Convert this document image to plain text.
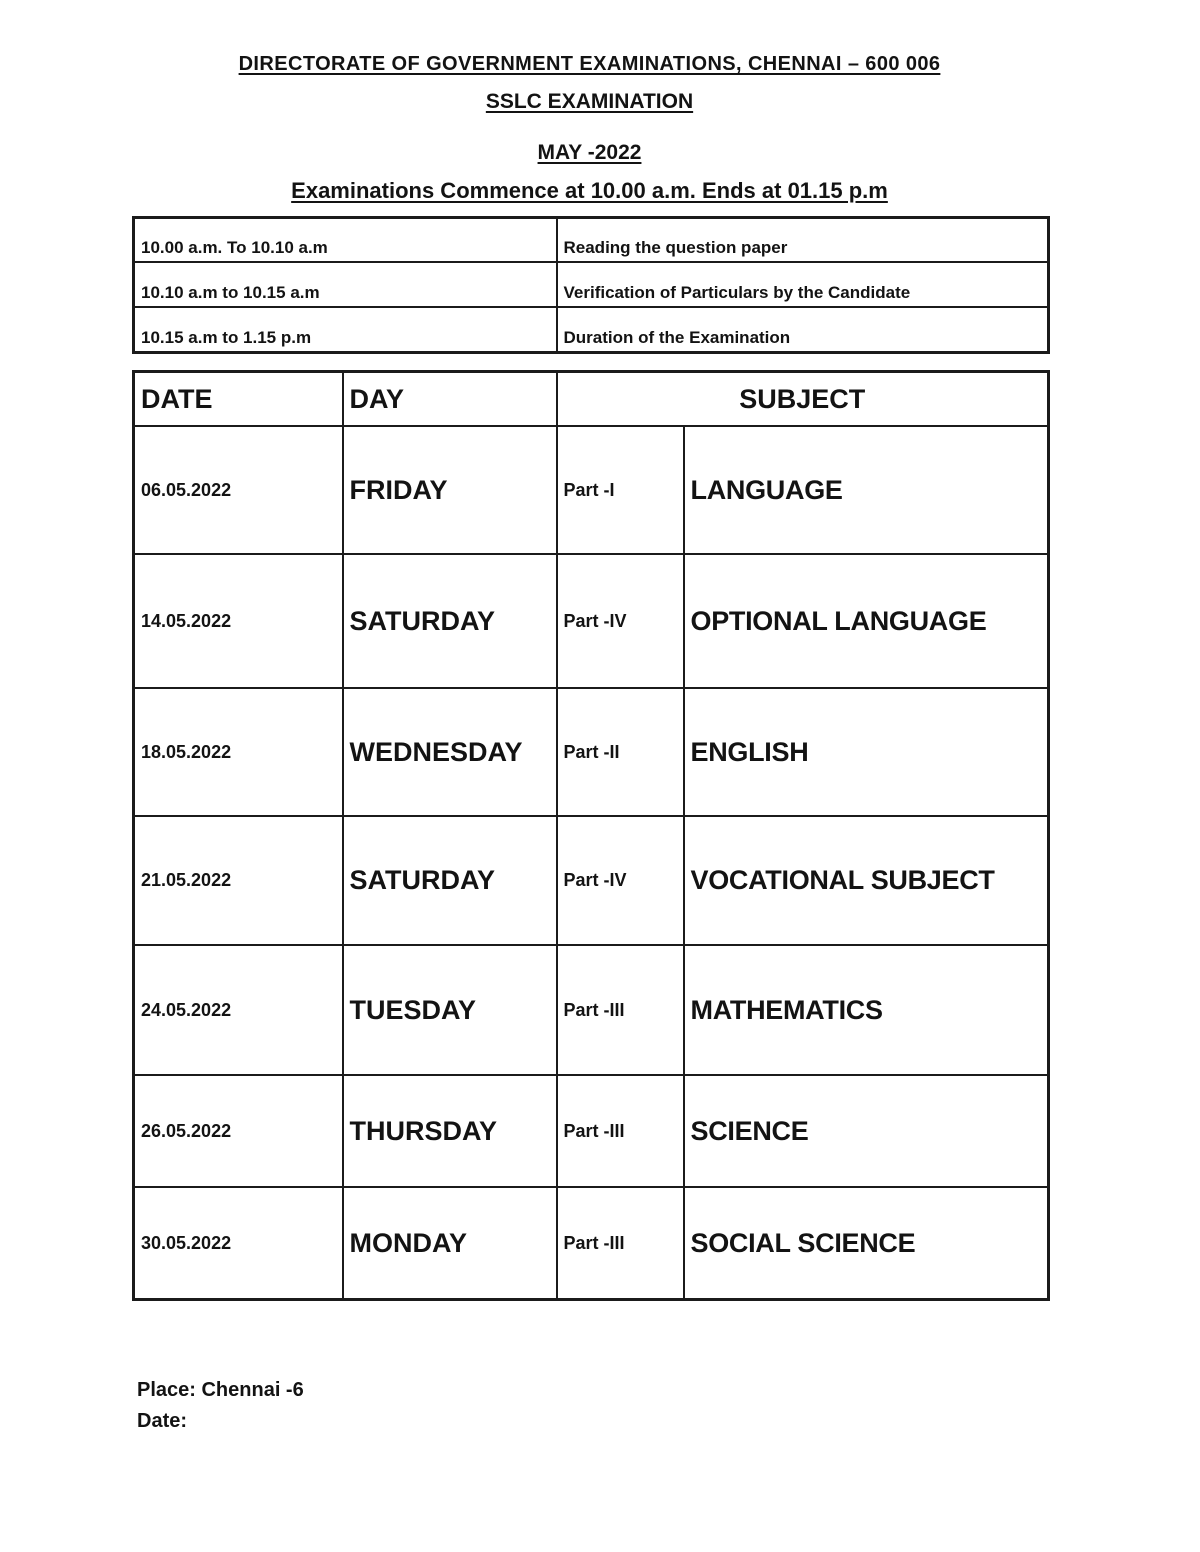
DIRECTORATE OF GOVERNMENT EXAMINATIONS, CHENNAI – 600 006
SSLC EXAMINATION
MAY -2022
Examinations Commence at 10.00 a.m. Ends at 01.15 p.m
10.00 a.m. To 10.10 a.m	Reading the question paper
10.10 a.m to 10.15 a.m	Verification of Particulars by the Candidate
10.15 a.m to 1.15 p.m	Duration of the Examination
DATE	DAY	SUBJECT	
06.05.2022	FRIDAY	Part -I	LANGUAGE
14.05.2022	SATURDAY	Part -IV	OPTIONAL LANGUAGE
18.05.2022	WEDNESDAY	Part -II	ENGLISH
21.05.2022	SATURDAY	Part -IV	VOCATIONAL SUBJECT
24.05.2022	TUESDAY	Part -III	MATHEMATICS
26.05.2022	THURSDAY	Part -III	SCIENCE
30.05.2022	MONDAY	Part -III	SOCIAL SCIENCE
Place: Chennai -6
Date:
